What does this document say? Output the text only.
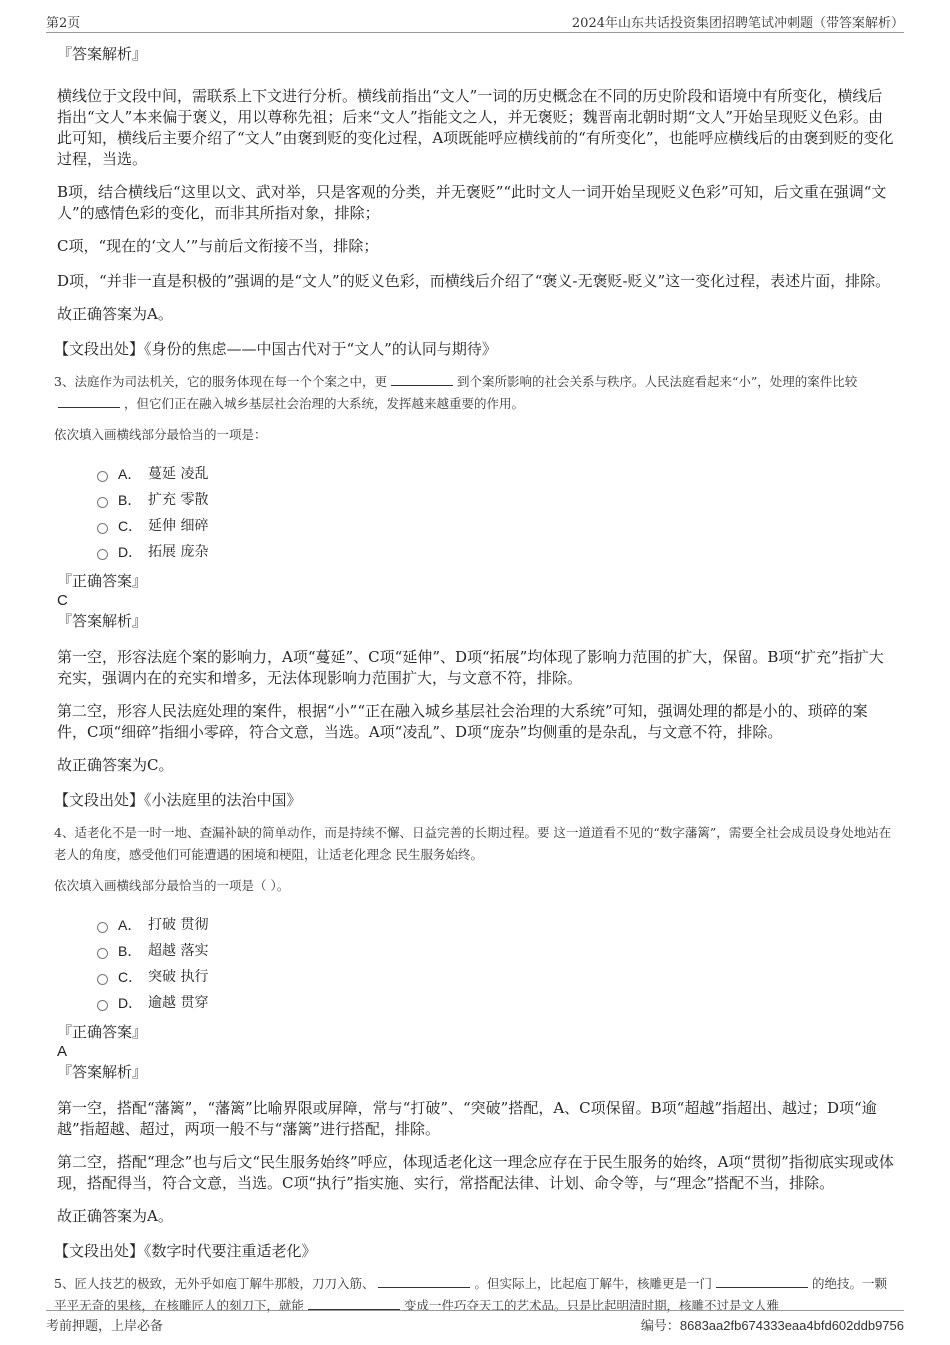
第2页	2024年山东共话投资集团招聘笔试冲刺题（带答案解析）

『答案解析』

横线位于文段中间，需联系上下文进行分析。横线前指出“文人”一词的历史概念在不同的历史阶段和语境中有所变化，横线后指出“文人”本来偏于褒义，用以尊称先祖；后来“文人”指能文之人，并无褒贬；魏晋南北朝时期“文人”开始呈现贬义色彩。由此可知，横线后主要介绍了“文人”由褒到贬的变化过程，A项既能呼应横线前的“有所变化”，也能呼应横线后的由褒到贬的变化过程，当选。

B项，结合横线后“这里以文、武对举，只是客观的分类，并无褒贬”“此时文人一词开始呈现贬义色彩”可知，后文重在强调“文人”的感情色彩的变化，而非其所指对象，排除；

C项，“现在的‘文人’”与前后文衔接不当，排除；

D项，“并非一直是积极的”强调的是“文人”的贬义色彩，而横线后介绍了“褒义-无褒贬-贬义”这一变化过程，表述片面，排除。

故正确答案为A。

【文段出处】《身份的焦虑——中国古代对于“文人”的认同与期待》

3、法庭作为司法机关，它的服务体现在每一个个案之中，更	到个案所影响的社会关系与秩序。人民法庭看起来“小”，处理的案件比较，但它们正在融入城乡基层社会治理的大系统，发挥越来越重要的作用。

依次填入画横线部分最恰当的一项是：

A． 蔓延 凌乱
B． 扩充 零散
C． 延伸 细碎
D． 拓展 庞杂

『正确答案』

C

『答案解析』

第一空，形容法庭个案的影响力，A项“蔓延”、C项“延伸”、D项“拓展”均体现了影响力范围的扩大，保留。B项“扩充”指扩大充实，强调内在的充实和增多，无法体现影响力范围扩大，与文意不符，排除。

第二空，形容人民法庭处理的案件，根据“小”“正在融入城乡基层社会治理的大系统”可知，强调处理的都是小的、琐碎的案件，C项“细碎”指细小零碎，符合文意，当选。A项“凌乱”、D项“庞杂”均侧重的是杂乱，与文意不符，排除。

故正确答案为C。

【文段出处】《小法庭里的法治中国》

4、适老化不是一时一地、查漏补缺的简单动作，而是持续不懈、日益完善的长期过程。要 这一道道看不见的“数字藩篱”，需要全社会成员设身处地站在老人的角度，感受他们可能遭遇的困境和梗阻，让适老化理念 民生服务始终。

依次填入画横线部分最恰当的一项是（ ）。

A． 打破 贯彻
B． 超越 落实
C． 突破 执行
D． 逾越 贯穿

『正确答案』

A

『答案解析』

第一空，搭配“藩篱”，“藩篱”比喻界限或屏障，常与“打破”、“突破”搭配，A、C项保留。B项“超越”指超出、越过；D项“逾越”指超越、超过，两项一般不与“藩篱”进行搭配，排除。

第二空，搭配“理念”也与后文“民生服务始终”呼应，体现适老化这一理念应存在于民生服务的始终，A项“贯彻”指彻底实现或体现，搭配得当，符合文意，当选。C项“执行”指实施、实行，常搭配法律、计划、命令等，与“理念”搭配不当，排除。

故正确答案为A。

【文段出处】《数字时代要注重适老化》

5、匠人技艺的极致，无外乎如庖丁解牛那般，刀刀入筋、	。但实际上，比起庖丁解牛，核雕更是一门	的绝技。一颗平平无奇的果核，在核雕匠人的刻刀下，就能	变成一件巧夺天工的艺术品。只是比起明清时期，核雕不过是文人雅

考前押题，上岸必备	编号：8683aa2fb674333eaa4bfd602ddb9756
